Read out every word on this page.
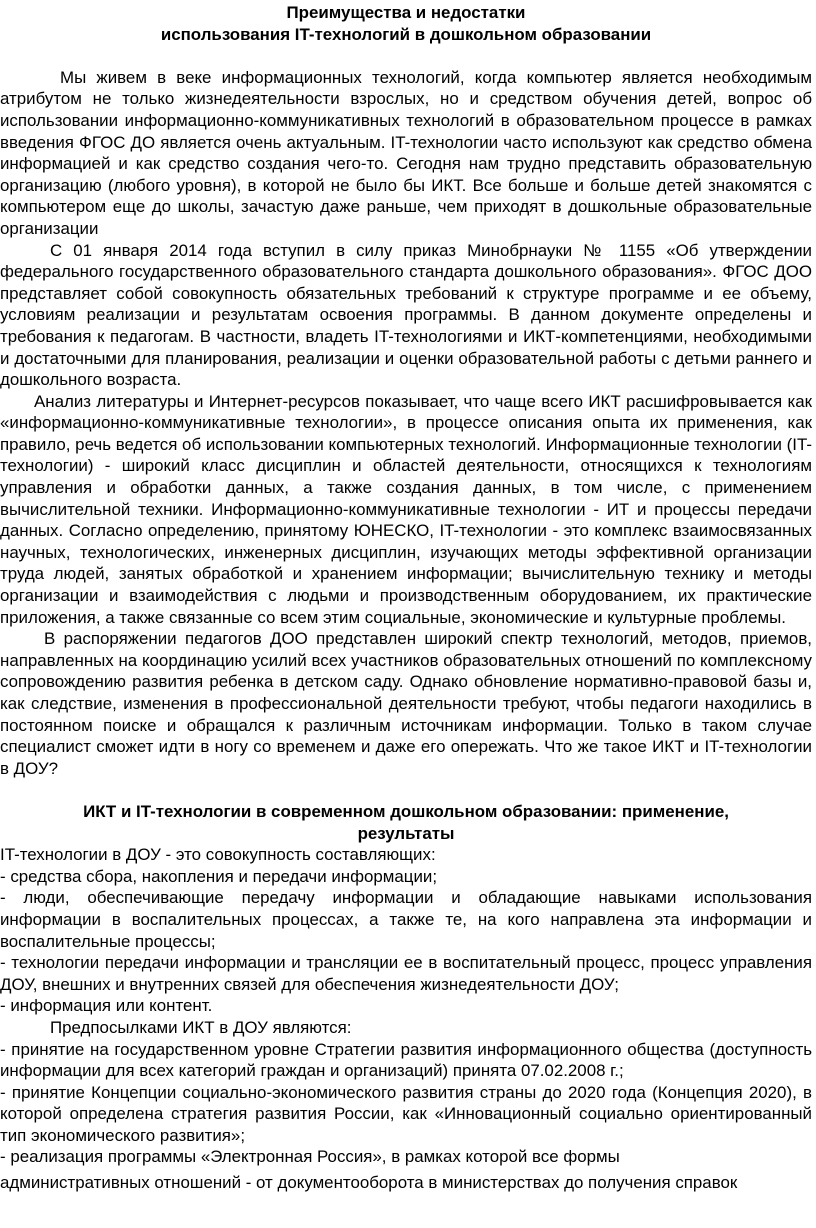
Преимущества и недостатки

использования IT-технологий в дошкольном образовании

Мы живем в веке информационных технологий, когда компьютер является необходимым атрибутом не только жизнедеятельности взрослых, но и средством обучения детей, вопрос об использовании информационно-коммуникативных технологий в образовательном процессе в рамках введения ФГОС ДО является очень актуальным. IT-технологии часто используют как средство обмена информацией и как средство создания чего-то. Сегодня нам трудно представить образовательную организацию (любого уровня), в которой не было бы ИКТ. Все больше и больше детей знакомятся с компьютером еще до школы, зачастую даже раньше, чем приходят в дошкольные образовательные организации

С 01 января 2014 года вступил в силу приказ Минобрнауки № 1155 «Об утверждении федерального государственного образовательного стандарта дошкольного образования». ФГОС ДОО представляет собой совокупность обязательных требований к структуре программе и ее объему, условиям реализации и результатам освоения программы. В данном документе определены и требования к педагогам. В частности, владеть IT-технологиями и ИКТ-компетенциями, необходимыми и достаточными для планирования, реализации и оценки образовательной работы с детьми раннего и дошкольного возраста.

Анализ литературы и Интернет-ресурсов показывает, что чаще всего ИКТ расшифровывается как «информационно-коммуникативные технологии», в процессе описания опыта их применения, как правило, речь ведется об использовании компьютерных технологий. Информационные технологии (IT-технологии) - широкий класс дисциплин и областей деятельности, относящихся к технологиям управления и обработки данных, а также создания данных, в том числе, с применением вычислительной техники. Информационно-коммуникативные технологии - ИТ и процессы передачи данных. Согласно определению, принятому ЮНЕСКО, IT-технологии - это комплекс взаимосвязанных научных, технологических, инженерных дисциплин, изучающих методы эффективной организации труда людей, занятых обработкой и хранением информации; вычислительную технику и методы организации и взаимодействия с людьми и производственным оборудованием, их практические приложения, а также связанные со всем этим социальные, экономические и культурные проблемы.

В распоряжении педагогов ДОО представлен широкий спектр технологий, методов, приемов, направленных на координацию усилий всех участников образовательных отношений по комплексному сопровождению развития ребенка в детском саду. Однако обновление нормативно-правовой базы и, как следствие, изменения в профессиональной деятельности требуют, чтобы педагоги находились в постоянном поиске и обращался к различным источникам информации. Только в таком случае специалист сможет идти в ногу со временем и даже его опережать. Что же такое ИКТ и IT-технологии в ДОУ?

ИКТ и IT-технологии в современном дошкольном образовании: применение,

результаты

IT-технологии в ДОУ - это совокупность составляющих:

- средства сбора, накопления и передачи информации;

- люди, обеспечивающие передачу информации и обладающие навыками использования информации в воспалительных процессах, а также те, на кого направлена эта информации и воспалительные процессы;

- технологии передачи информации и трансляции ее в воспитательный процесс, процесс управления ДОУ, внешних и внутренних связей для обеспечения жизнедеятельности ДОУ;

- информация или контент.

Предпосылками ИКТ в ДОУ являются:

- принятие на государственном уровне Стратегии развития информационного общества (доступность информации для всех категорий граждан и организаций) принята 07.02.2008 г.;

- принятие Концепции социально-экономического развития страны до 2020 года (Концепция 2020), в которой определена стратегия развития России, как «Инновационный социально ориентированный тип экономического развития»;

- реализация программы «Электронная Россия», в рамках которой все формы

административных отношений - от документооборота в министерствах до получения справок
